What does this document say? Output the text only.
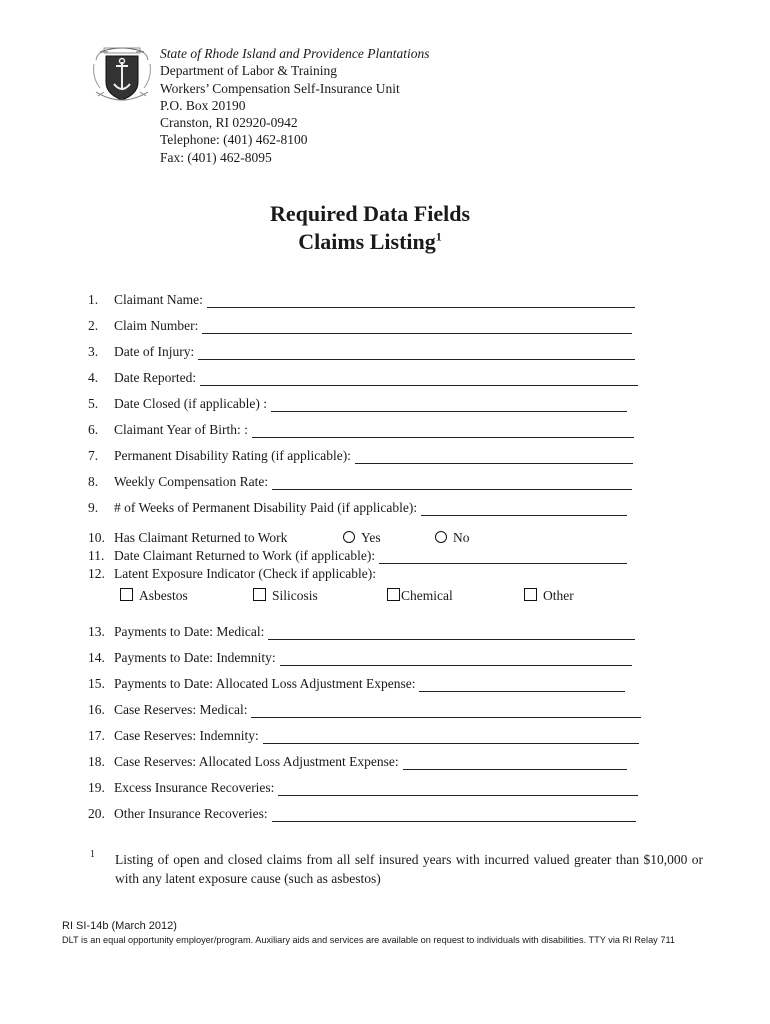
State of Rhode Island and Providence Plantations
Department of Labor & Training
Workers’ Compensation Self-Insurance Unit
P.O. Box 20190
Cranston, RI 02920-0942
Telephone: (401) 462-8100
Fax: (401) 462-8095
Required Data Fields
Claims Listing$^1$
1.	Claimant Name:
2.	Claim Number:
3.	Date of Injury:
4.	Date Reported:
5.	Date Closed (if applicable) :
6.	Claimant Year of Birth: :
7.	Permanent Disability Rating (if applicable):
8.	Weekly Compensation Rate:
9.	# of Weeks of Permanent Disability Paid (if applicable):
10. Has Claimant Returned to Work	Yes	No
11. Date Claimant Returned to Work (if applicable):
12. Latent Exposure Indicator (Check if applicable):
Asbestos	Silicosis	Chemical	Other
13. Payments to Date: Medical:
14. Payments to Date: Indemnity:
15. Payments to Date: Allocated Loss Adjustment Expense:
16. Case Reserves: Medical:
17. Case Reserves: Indemnity:
18. Case Reserves: Allocated Loss Adjustment Expense:
19. Excess Insurance Recoveries:
20. Other Insurance Recoveries:
1 Listing of open and closed claims from all self insured years with incurred valued greater than $10,000 or with any latent exposure cause (such as asbestos)
RI SI-14b (March 2012)
DLT is an equal opportunity employer/program. Auxiliary aids and services are available on request to individuals with disabilities. TTY via RI Relay 711
